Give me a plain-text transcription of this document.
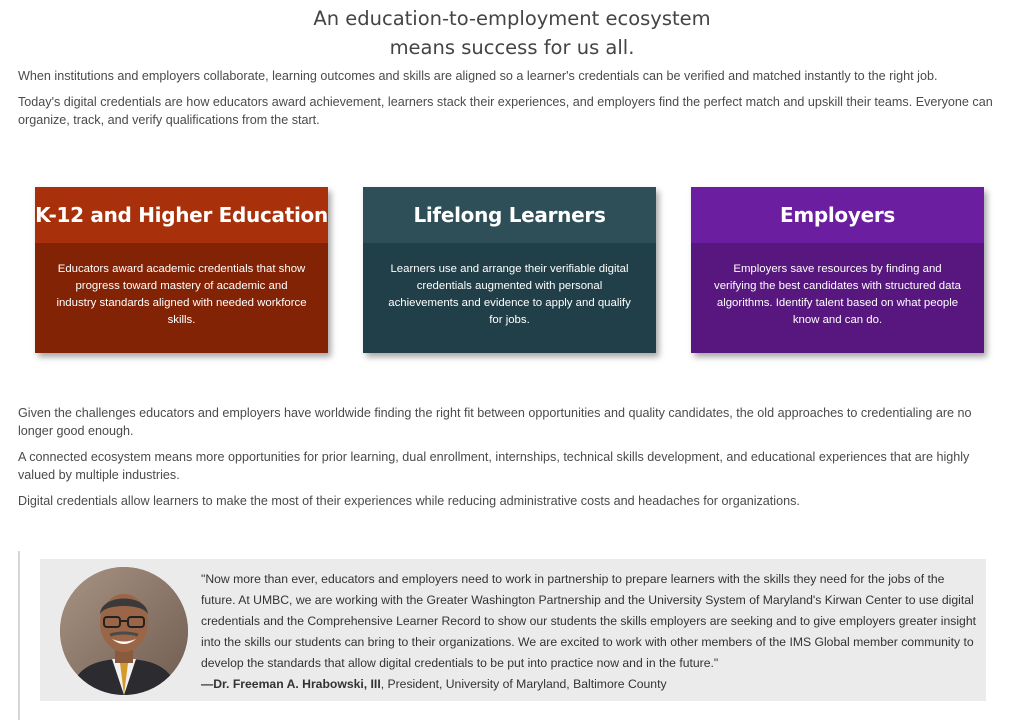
An education-to-employment ecosystem
means success for us all.

When institutions and employers collaborate, learning outcomes and skills are aligned so a learner's credentials can be verified and matched instantly to the right job.

Today's digital credentials are how educators award achievement, learners stack their experiences, and employers find the perfect match and upskill their teams. Everyone can organize, track, and verify qualifications from the start.

K-12 and Higher Education
Educators award academic credentials that show progress toward mastery of academic and industry standards aligned with needed workforce skills.
Lifelong Learners
Learners use and arrange their verifiable digital credentials augmented with personal achievements and evidence to apply and qualify for jobs.
Employers
Employers save resources by finding and verifying the best candidates with structured data algorithms. Identify talent based on what people know and can do.

Given the challenges educators and employers have worldwide finding the right fit between opportunities and quality candidates, the old approaches to credentialing are no longer good enough.

A connected ecosystem means more opportunities for prior learning, dual enrollment, internships, technical skills development, and educational experiences that are highly valued by multiple industries.

Digital credentials allow learners to make the most of their experiences while reducing administrative costs and headaches for organizations.

"Now more than ever, educators and employers need to work in partnership to prepare learners with the skills they need for the jobs of the future. At UMBC, we are working with the Greater Washington Partnership and the University System of Maryland's Kirwan Center to use digital credentials and the Comprehensive Learner Record to show our students the skills employers are seeking and to give employers greater insight into the skills our students can bring to their organizations. We are excited to work with other members of the IMS Global member community to develop the standards that allow digital credentials to be put into practice now and in the future."
—Dr. Freeman A. Hrabowski, III, President, University of Maryland, Baltimore County
